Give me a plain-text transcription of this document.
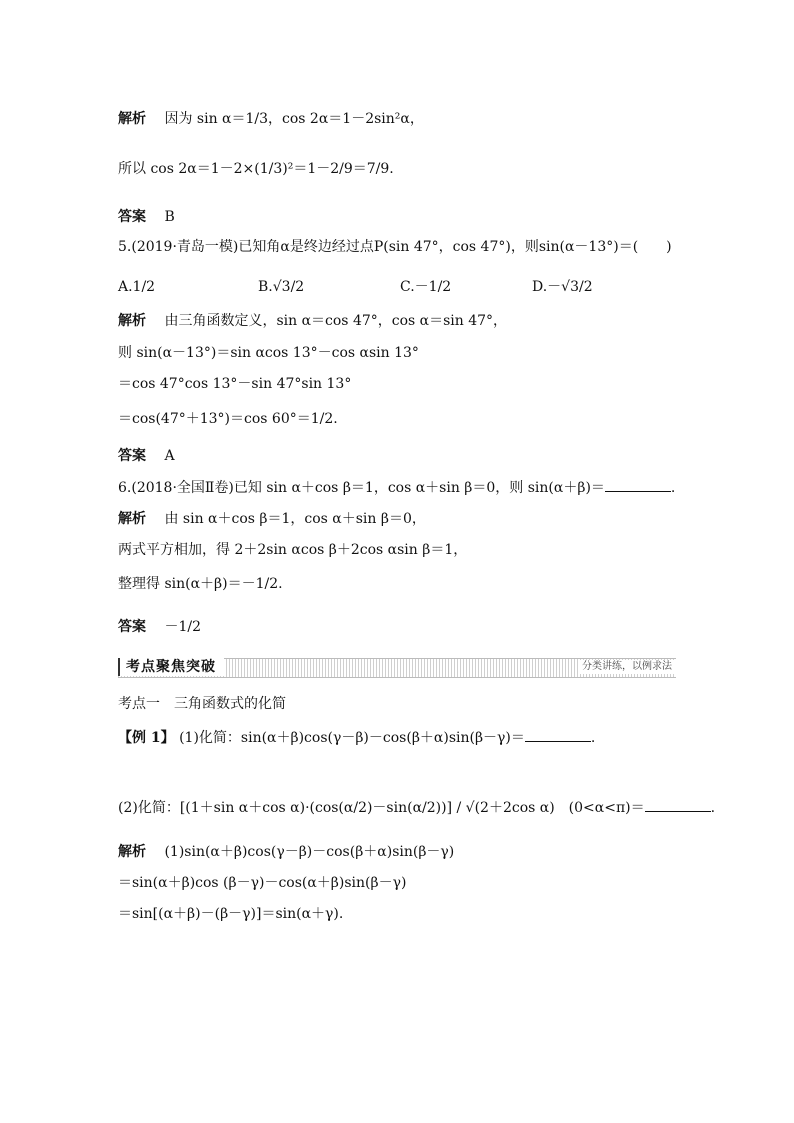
解析　 因为 sin α＝1/3，cos 2α＝1－2sin²α，
所以 cos 2α＝1－2×(1/3)²＝1－2/9＝7/9.
答案　 B
5.(2019·青岛一模)已知角α是终边经过点P(sin 47°，cos 47°)，则sin(α－13°)＝(　　)
A.1/2	B.√3/2	C.－1/2	D.－√3/2
解析　 由三角函数定义，sin α＝cos 47°，cos α＝sin 47°，
则 sin(α－13°)＝sin αcos 13°－cos αsin 13°
＝cos 47°cos 13°－sin 47°sin 13°
＝cos(47°＋13°)＝cos 60°＝1/2.
答案　 A
6.(2018·全国Ⅱ卷)已知 sin α＋cos β＝1，cos α＋sin β＝0，则 sin(α＋β)＝	.
解析　 由 sin α＋cos β＝1，cos α＋sin β＝0，
两式平方相加，得 2＋2sin αcos β＋2cos αsin β＝1，
整理得 sin(α＋β)＝－1/2.
答案　 －1/2
考点聚焦突破	分类讲练，以例求法
考点一　三角函数式的化简
【例 1】 (1)化简：sin(α＋β)cos(γ－β)－cos(β＋α)sin(β－γ)＝	.
(2)化简：[(1＋sin α＋cos α)·(cos(α/2)－sin(α/2))] / √(2＋2cos α)　(0<α<π)＝	.
解析　 (1)sin(α＋β)cos(γ－β)－cos(β＋α)sin(β－γ)
＝sin(α＋β)cos (β－γ)－cos(α＋β)sin(β－γ)
＝sin[(α＋β)－(β－γ)]＝sin(α＋γ).
